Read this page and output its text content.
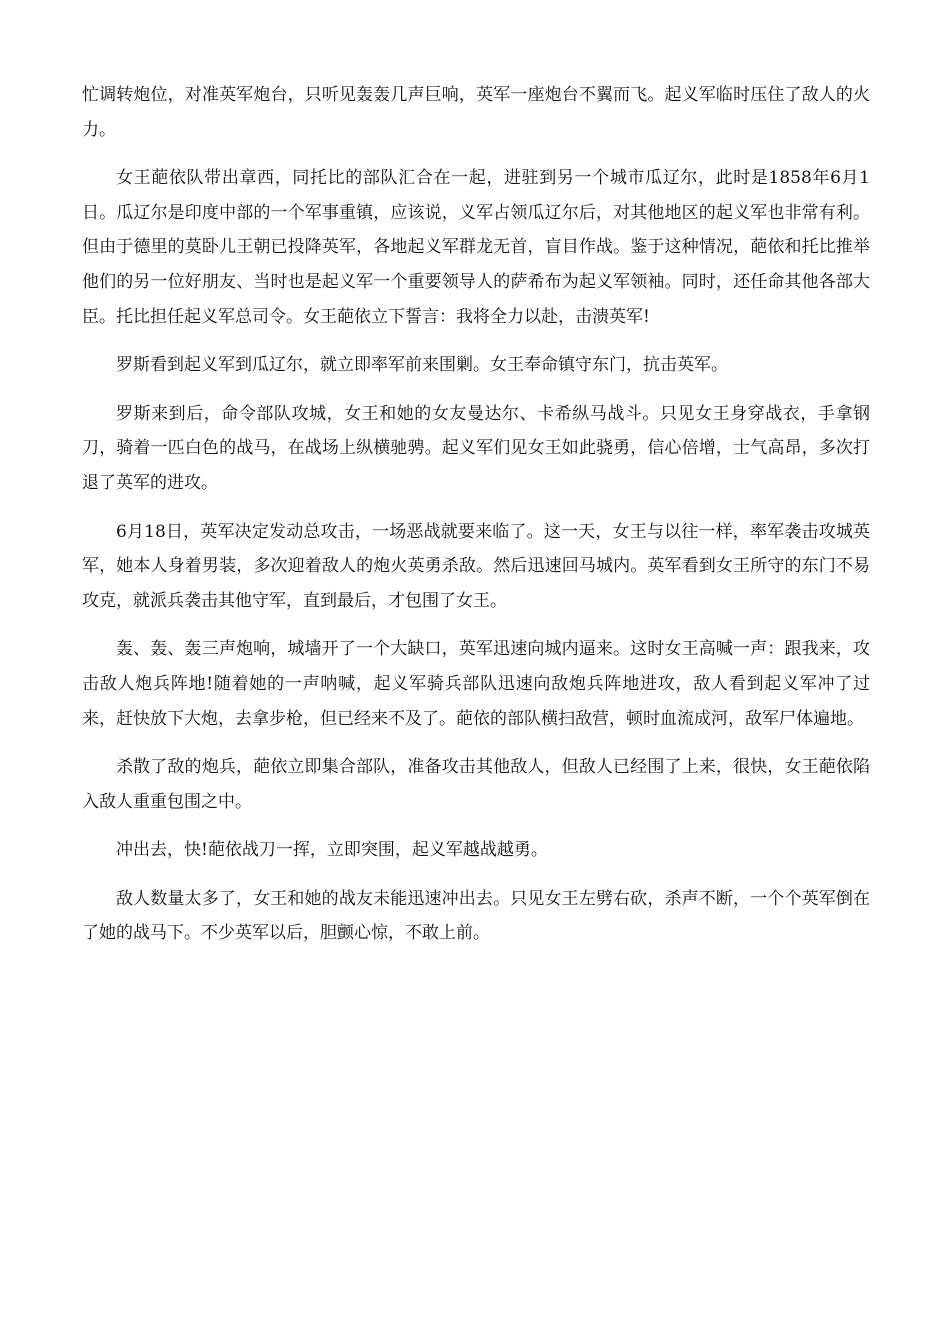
忙调转炮位，对准英军炮台，只听见轰轰几声巨响，英军一座炮台不翼而飞。起义军临时压住了敌人的火力。

女王葩依队带出章西，同托比的部队汇合在一起，进驻到另一个城市瓜辽尔，此时是1858年6月1日。瓜辽尔是印度中部的一个军事重镇，应该说，义军占领瓜辽尔后，对其他地区的起义军也非常有利。但由于德里的莫卧儿王朝已投降英军，各地起义军群龙无首，盲目作战。鉴于这种情况，葩依和托比推举他们的另一位好朋友、当时也是起义军一个重要领导人的萨希布为起义军领袖。同时，还任命其他各部大臣。托比担任起义军总司令。女王葩依立下誓言：我将全力以赴，击溃英军!

罗斯看到起义军到瓜辽尔，就立即率军前来围剿。女王奉命镇守东门，抗击英军。

罗斯来到后，命令部队攻城，女王和她的女友曼达尔、卡希纵马战斗。只见女王身穿战衣，手拿钢刀，骑着一匹白色的战马，在战场上纵横驰骋。起义军们见女王如此骁勇，信心倍增，士气高昂，多次打退了英军的进攻。

6月18日，英军决定发动总攻击，一场恶战就要来临了。这一天，女王与以往一样，率军袭击攻城英军，她本人身着男装，多次迎着敌人的炮火英勇杀敌。然后迅速回马城内。英军看到女王所守的东门不易攻克，就派兵袭击其他守军，直到最后，才包围了女王。

轰、轰、轰三声炮响，城墙开了一个大缺口，英军迅速向城内逼来。这时女王高喊一声：跟我来，攻击敌人炮兵阵地!随着她的一声呐喊，起义军骑兵部队迅速向敌炮兵阵地进攻，敌人看到起义军冲了过来，赶快放下大炮，去拿步枪，但已经来不及了。葩依的部队横扫敌营，顿时血流成河，敌军尸体遍地。

杀散了敌的炮兵，葩依立即集合部队，准备攻击其他敌人，但敌人已经围了上来，很快，女王葩依陷入敌人重重包围之中。

冲出去，快!葩依战刀一挥，立即突围，起义军越战越勇。

敌人数量太多了，女王和她的战友未能迅速冲出去。只见女王左劈右砍，杀声不断，一个个英军倒在了她的战马下。不少英军以后，胆颤心惊，不敢上前。
